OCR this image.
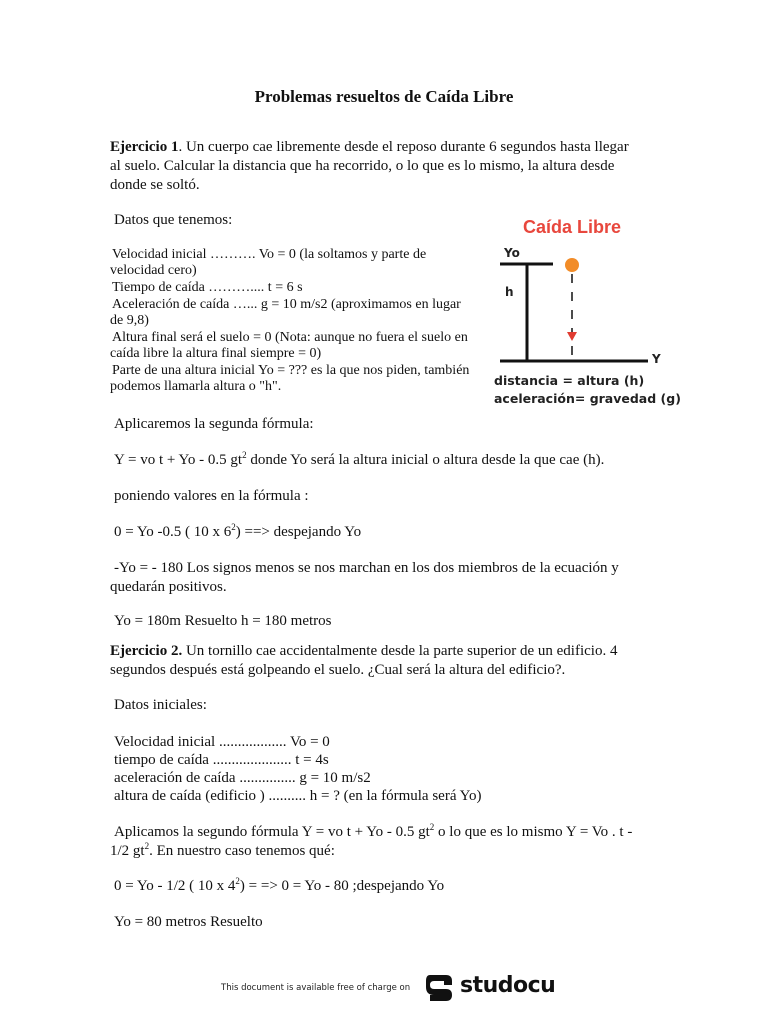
Problemas resueltos de Caída Libre
Ejercicio 1. Un cuerpo cae libremente desde el reposo durante 6 segundos hasta llegar
al suelo. Calcular la distancia que ha recorrido, o lo que es lo mismo, la altura desde
donde se soltó.
Datos que tenemos:
Velocidad inicial ………. Vo = 0 (la soltamos y parte de
velocidad cero)
Tiempo de caída ……….... t = 6 s
Aceleración de caída …... g = 10 m/s2 (aproximamos en lugar
de 9,8)
Altura final será el suelo = 0 (Nota: aunque no fuera el suelo en
caída libre la altura final siempre = 0)
Parte de una altura inicial Yo = ??? es la que nos piden, también
podemos llamarla altura o "h".
Caída Libre
Yo
h
Y
distancia = altura (h)
aceleración= gravedad (g)
Aplicaremos la segunda fórmula:
Y = vo t + Yo - 0.5 $gt^2$ donde Yo será la altura inicial o altura desde la que cae (h).
poniendo valores en la fórmula :
0 = Yo -0.5 ( 10 x $6^2$) ==> despejando Yo
-Yo = - 180 Los signos menos se nos marchan en los dos miembros de la ecuación y
quedarán positivos.
Yo = 180m Resuelto h = 180 metros
Ejercicio 2. Un tornillo cae accidentalmente desde la parte superior de un edificio. 4
segundos después está golpeando el suelo. ¿Cual será la altura del edificio?.
Datos iniciales:
Velocidad inicial .................. Vo = 0
tiempo de caída ..................... t = 4s
aceleración de caída ............... g = 10 m/s2
altura de caída (edificio ) .......... h = ? (en la fórmula será Yo)
Aplicamos la segundo fórmula Y = vo t + Yo - 0.5 $gt^2$ o lo que es lo mismo Y = Vo . t -
1/2 $gt^2$. En nuestro caso tenemos qué:
0 = Yo - 1/2 ( 10 x $4^2$) = => 0 = Yo - 80 ;despejando Yo
Yo = 80 metros Resuelto
This document is available free of charge on studocu
